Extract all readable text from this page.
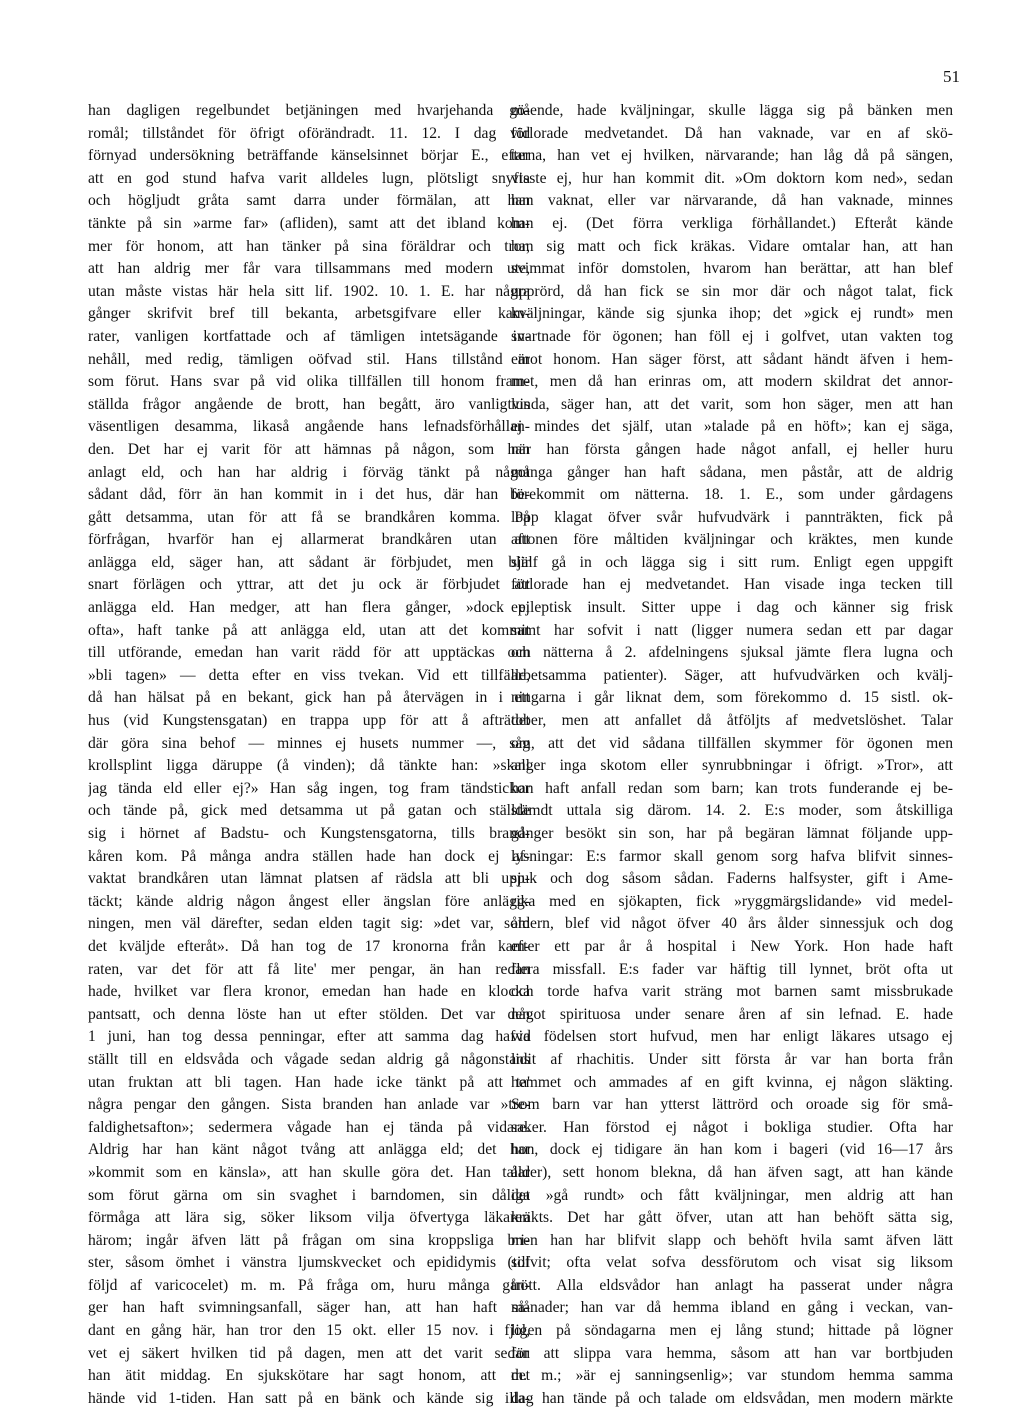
51
han dagligen regelbundet betjäningen med hvarjehanda gö-
romål; tillståndet för öfrigt oförändradt. 11. 12. I dag vid
förnyad undersökning beträffande känselsinnet börjar E., efter
att en god stund hafva varit alldeles lugn, plötsligt snyfta
och högljudt gråta samt darra under förmälan, att han
tänkte på sin »arme far» (afliden), samt att det ibland kom-
mer för honom, att han tänker på sina föräldrar och tror,
att han aldrig mer får vara tillsammans med modern ute,
utan måste vistas här hela sitt lif. 1902. 10. 1. E. har några
gånger skrifvit bref till bekanta, arbetsgifvare eller kam-
rater, vanligen kortfattade och af tämligen intetsägande in-
nehåll, med redig, tämligen oöfvad stil. Hans tillstånd är
som förut. Hans svar på vid olika tillfällen till honom fram-
ställda frågor angående de brott, han begått, äro vanligtvis
väsentligen desamma, likaså angående hans lefnadsförhållan-
den. Det har ej varit för att hämnas på någon, som han
anlagt eld, och han har aldrig i förväg tänkt på något
sådant dåd, förr än han kommit in i det hus, där han be-
gått detsamma, utan för att få se brandkåren komma. På
förfrågan, hvarför han ej allarmerat brandkåren utan att
anlägga eld, säger han, att sådant är förbjudet, men blir
snart förlägen och yttrar, att det ju ock är förbjudet att
anlägga eld. Han medger, att han flera gånger, »dock ej
ofta», haft tanke på att anlägga eld, utan att det kommit
till utförande, emedan han varit rädd för att upptäckas och
»bli tagen» — detta efter en viss tvekan. Vid ett tillfälle,
då han hälsat på en bekant, gick han på återvägen in i ett
hus (vid Kungstensgatan) en trappa upp för att å afträdet
där göra sina behof — minnes ej husets nummer —, såg
krollsplint ligga däruppe (å vinden); då tänkte han: »skall
jag tända eld eller ej?» Han såg ingen, tog fram tändstickor
och tände på, gick med detsamma ut på gatan och ställde
sig i hörnet af Badstu- och Kungstensgatorna, tills brand-
kåren kom. På många andra ställen hade han dock ej af-
vaktat brandkåren utan lämnat platsen af rädsla att bli upp-
täckt; kände aldrig någon ångest eller ängslan före anlägg-
ningen, men väl därefter, sedan elden tagit sig: »det var, som
det kväljde efteråt». Då han tog de 17 kronorna från kam-
raten, var det för att få lite' mer pengar, än han redan
hade, hvilket var flera kronor, emedan han hade en klocka
pantsatt, och denna löste han ut efter stölden. Det var den
1 juni, han tog dessa penningar, efter att samma dag hafva
ställt till en eldsvåda och vågade sedan aldrig gå någonstans
utan fruktan att bli tagen. Han hade icke tänkt på att ta'
några pengar den gången. Sista branden han anlade var »tre-
faldighetsafton»; sedermera vågade han ej tända på vidare.
Aldrig har han känt något tvång att anlägga eld; det har
»kommit som en känsla», att han skulle göra det. Han talar
som förut gärna om sin svaghet i barndomen, sin dåliga
förmåga att lära sig, söker liksom vilja öfvertyga läkaren
härom; ingår äfven lätt på frågan om sina kroppsliga bri-
ster, såsom ömhet i vänstra ljumskvecket och epididymis (till
följd af varicocelet) m. m. På fråga om, huru många gån-
ger han haft svimningsanfall, säger han, att han haft så-
dant en gång här, han tror den 15 okt. eller 15 nov. i fjol,
vet ej säkert hvilken tid på dagen, men att det varit sedan
han ätit middag. En sjukskötare har sagt honom, att det
hände vid 1-tiden. Han satt på en bänk och kände sig illa-
mående, hade kväljningar, skulle lägga sig på bänken men
förlorade medvetandet. Då han vaknade, var en af skö-
tarna, han vet ej hvilken, närvarande; han låg då på sängen,
visste ej, hur han kommit dit. »Om doktorn kom ned», sedan
han vaknat, eller var närvarande, då han vaknade, minnes
han ej. (Det förra verkliga förhållandet.) Efteråt kände
han sig matt och fick kräkas. Vidare omtalar han, att han
svimmat inför domstolen, hvarom han berättar, att han blef
upprörd, då han fick se sin mor där och något talat, fick
kväljningar, kände sig sjunka ihop; det »gick ej rundt» men
svartnade för ögonen; han föll ej i golfvet, utan vakten tog
emot honom. Han säger först, att sådant händt äfven i hem-
met, men då han erinras om, att modern skildrat det annor-
lunda, säger han, att det varit, som hon säger, men att han
ej mindes det själf, utan »talade på en höft»; kan ej säga,
när han första gången hade något anfall, ej heller huru
många gånger han haft sådana, men påstår, att de aldrig
förekommit om nätterna. 18. 1. E., som under gårdagens
lopp klagat öfver svår hufvudvärk i pannträkten, fick på
aftonen före måltiden kväljningar och kräktes, men kunde
själf gå in och lägga sig i sitt rum. Enligt egen uppgift
förlorade han ej medvetandet. Han visade inga tecken till
epileptisk insult. Sitter uppe i dag och känner sig frisk
samt har sofvit i natt (ligger numera sedan ett par dagar
om nätterna å 2. afdelningens sjuksal jämte flera lugna och
arbetsamma patienter). Säger, att hufvudvärken och kvälj-
ningarna i går liknat dem, som förekommo d. 15 sistl. ok-
tober, men att anfallet då åtföljts af medvetslöshet. Talar
om, att det vid sådana tillfällen skymmer för ögonen men
anger inga skotom eller synrubbningar i öfrigt. »Tror», att
han haft anfall redan som barn; kan trots funderande ej be-
stämdt uttala sig därom. 14. 2. E:s moder, som åtskilliga
gånger besökt sin son, har på begäran lämnat följande upp-
lysningar: E:s farmor skall genom sorg hafva blifvit sinnes-
sjuk och dog såsom sådan. Faderns halfsyster, gift i Ame-
rika med en sjökapten, fick »ryggmärgslidande» vid medel-
åldern, blef vid något öfver 40 års ålder sinnessjuk och dog
efter ett par år å hospital i New York. Hon hade haft
flera missfall. E:s fader var häftig till lynnet, bröt ofta ut
och torde hafva varit sträng mot barnen samt missbrukade
något spirituosa under senare åren af sin lefnad. E. hade
vid födelsen stort hufvud, men har enligt läkares utsago ej
lidit af rhachitis. Under sitt första år var han borta från
hemmet och ammades af en gift kvinna, ej någon släkting.
Som barn var han ytterst lättrörd och oroade sig för små-
saker. Han förstod ej något i bokliga studier. Ofta har
hon, dock ej tidigare än han kom i bageri (vid 16—17 års
ålder), sett honom blekna, då han äfven sagt, att han kände
det »gå rundt» och fått kväljningar, men aldrig att han
kräkts. Det har gått öfver, utan att han behöft sätta sig,
men han har blifvit slapp och behöft hvila samt äfven lätt
sofvit; ofta velat sofva dessförutom och visat sig liksom
trött. Alla eldsvådor han anlagt ha passerat under några
månader; han var då hemma ibland en gång i veckan, van-
ligen på söndagarna men ej lång stund; hittade på lögner
för att slippa vara hemma, såsom att han var bortbjuden
m. m.; »är ej sanningsenlig»; var stundom hemma samma
dag han tände på och talade om eldsvådan, men modern märkte
